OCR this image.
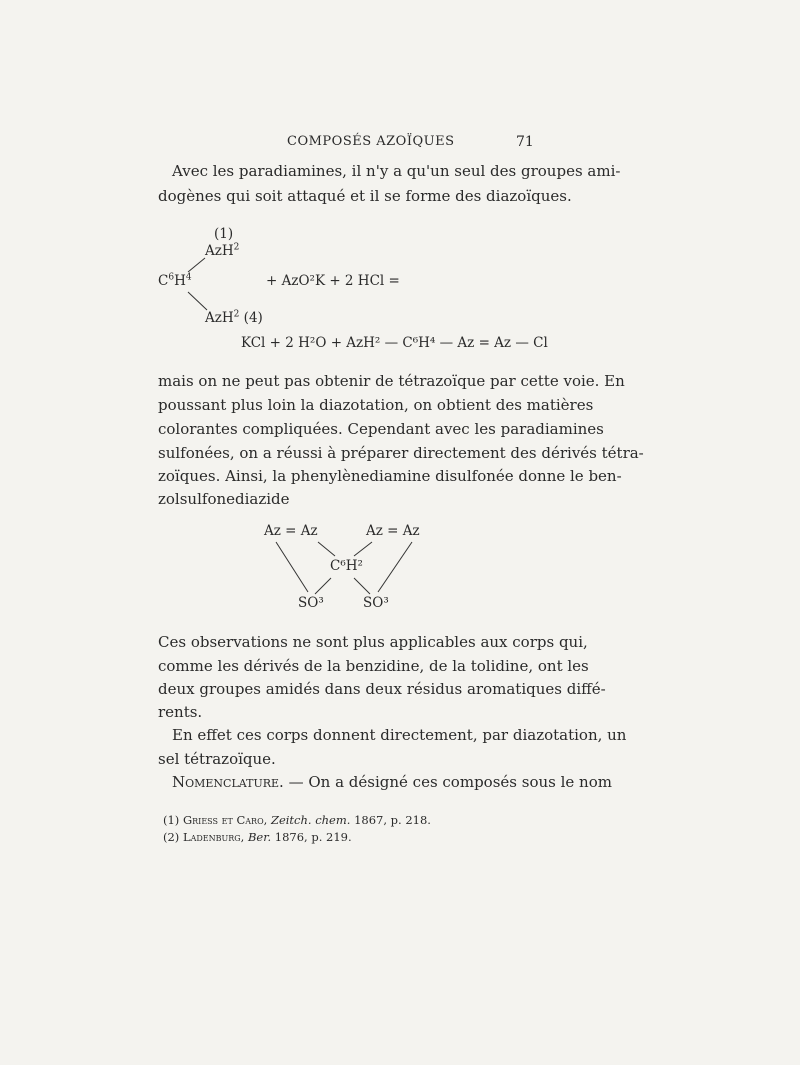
COMPOSÉS AZOÏQUES	71
Avec les paradiamines, il n'y a qu'un seul des groupes ami-
dogènes qui soit attaqué et il se forme des diazoïques.
(1)
AzH$^2$
$C^6H^4$	+ AzO²K + 2 HCl =
AzH$^2$ (4)
KCl + 2 H²O + AzH² — C⁶H⁴ — Az = Az — Cl
mais on ne peut pas obtenir de tétrazoïque par cette voie. En
poussant plus loin la diazotation, on obtient des matières
colorantes compliquées. Cependant avec les paradiamines
sulfonées, on a réussi à préparer directement des dérivés tétra-
zoïques. Ainsi, la phenylènediamine disulfonée donne le ben-
zolsulfonediazide
Az = Az	Az = Az
C⁶H²
SO³	SO³
Ces observations ne sont plus applicables aux corps qui,
comme les dérivés de la benzidine, de la tolidine, ont les
deux groupes amidés dans deux résidus aromatiques diffé-
rents.
En effet ces corps donnent directement, par diazotation, un
sel tétrazoïque.
Nomenclature. — On a désigné ces composés sous le nom
(1) Griess et Caro, Zeitch. chem. 1867, p. 218.
(2) Ladenburg, Ber. 1876, p. 219.
